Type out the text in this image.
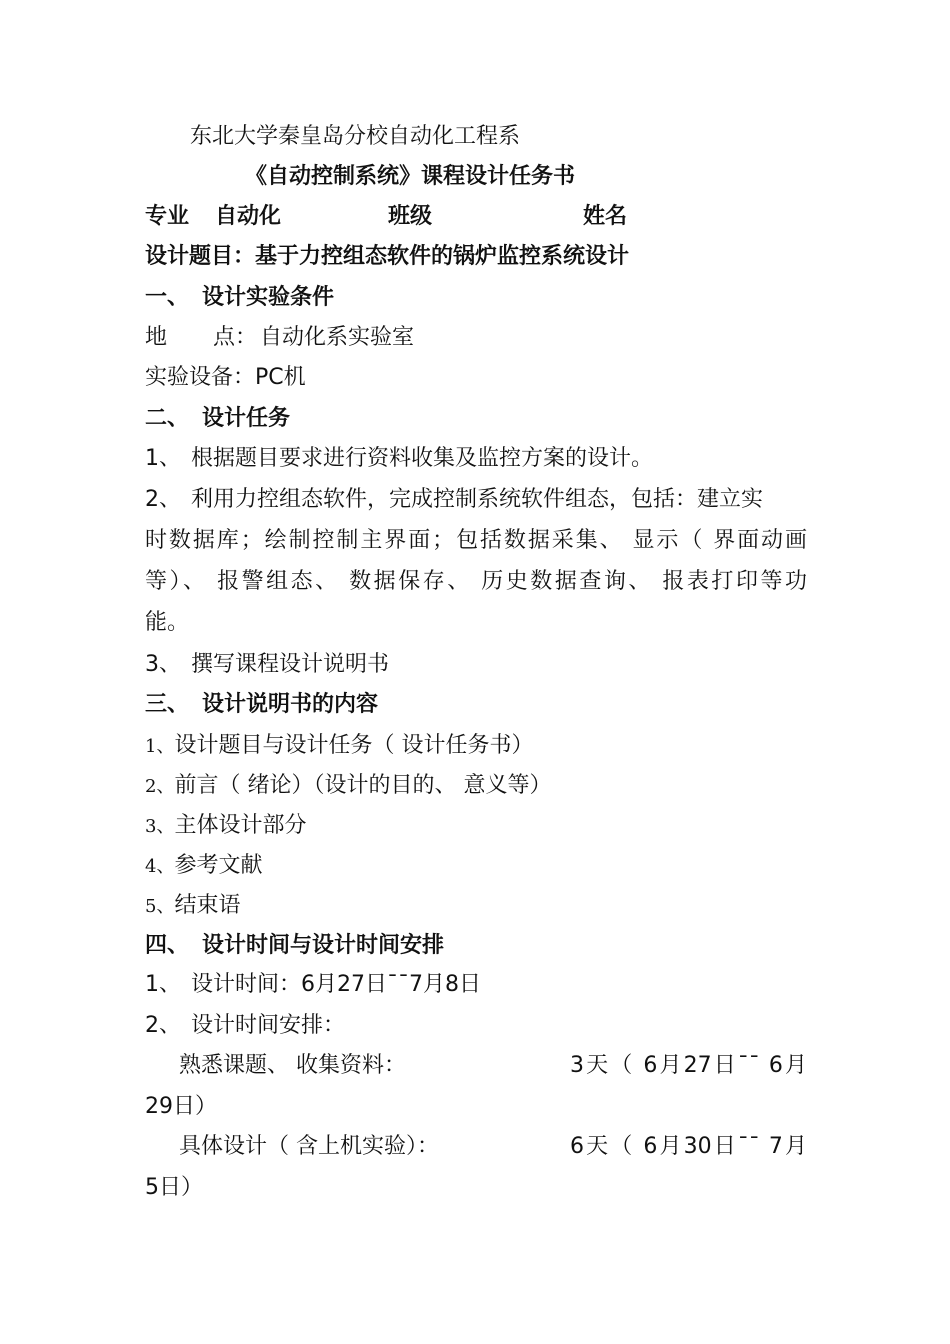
东北大学秦皇岛分校自动化工程系
《自动控制系统》课程设计任务书
专业 自动化	班级	姓名
设计题目：基于力控组态软件的锅炉监控系统设计
一、 设计实验条件
地 点： 自动化系实验室
实验设备：PC机
二、 设计任务
1、 根据题目要求进行资料收集及监控方案的设计。
2、 利用力控组态软件，完成控制系统软件组态，包括：建立实
时数据库；绘制控制主界面；包括数据采集、 显示（ 界面动画
等）、 报警组态、 数据保存、 历史数据查询、 报表打印等功
能。
3、 撰写课程设计说明书
三、 设计说明书的内容
1、设计题目与设计任务（ 设计任务书）
2、前言（ 绪论）（设计的目的、 意义等）
3、主体设计部分
4、参考文献
5、结束语
四、 设计时间与设计时间安排
1、 设计时间：6月27日¯¯7月8日
2、 设计时间安排：
熟悉课题、 收集资料：	3天（ 6月27日¯¯ 6月
29日）
具体设计（ 含上机实验）：	6天（ 6月30日¯¯ 7月
5日）
